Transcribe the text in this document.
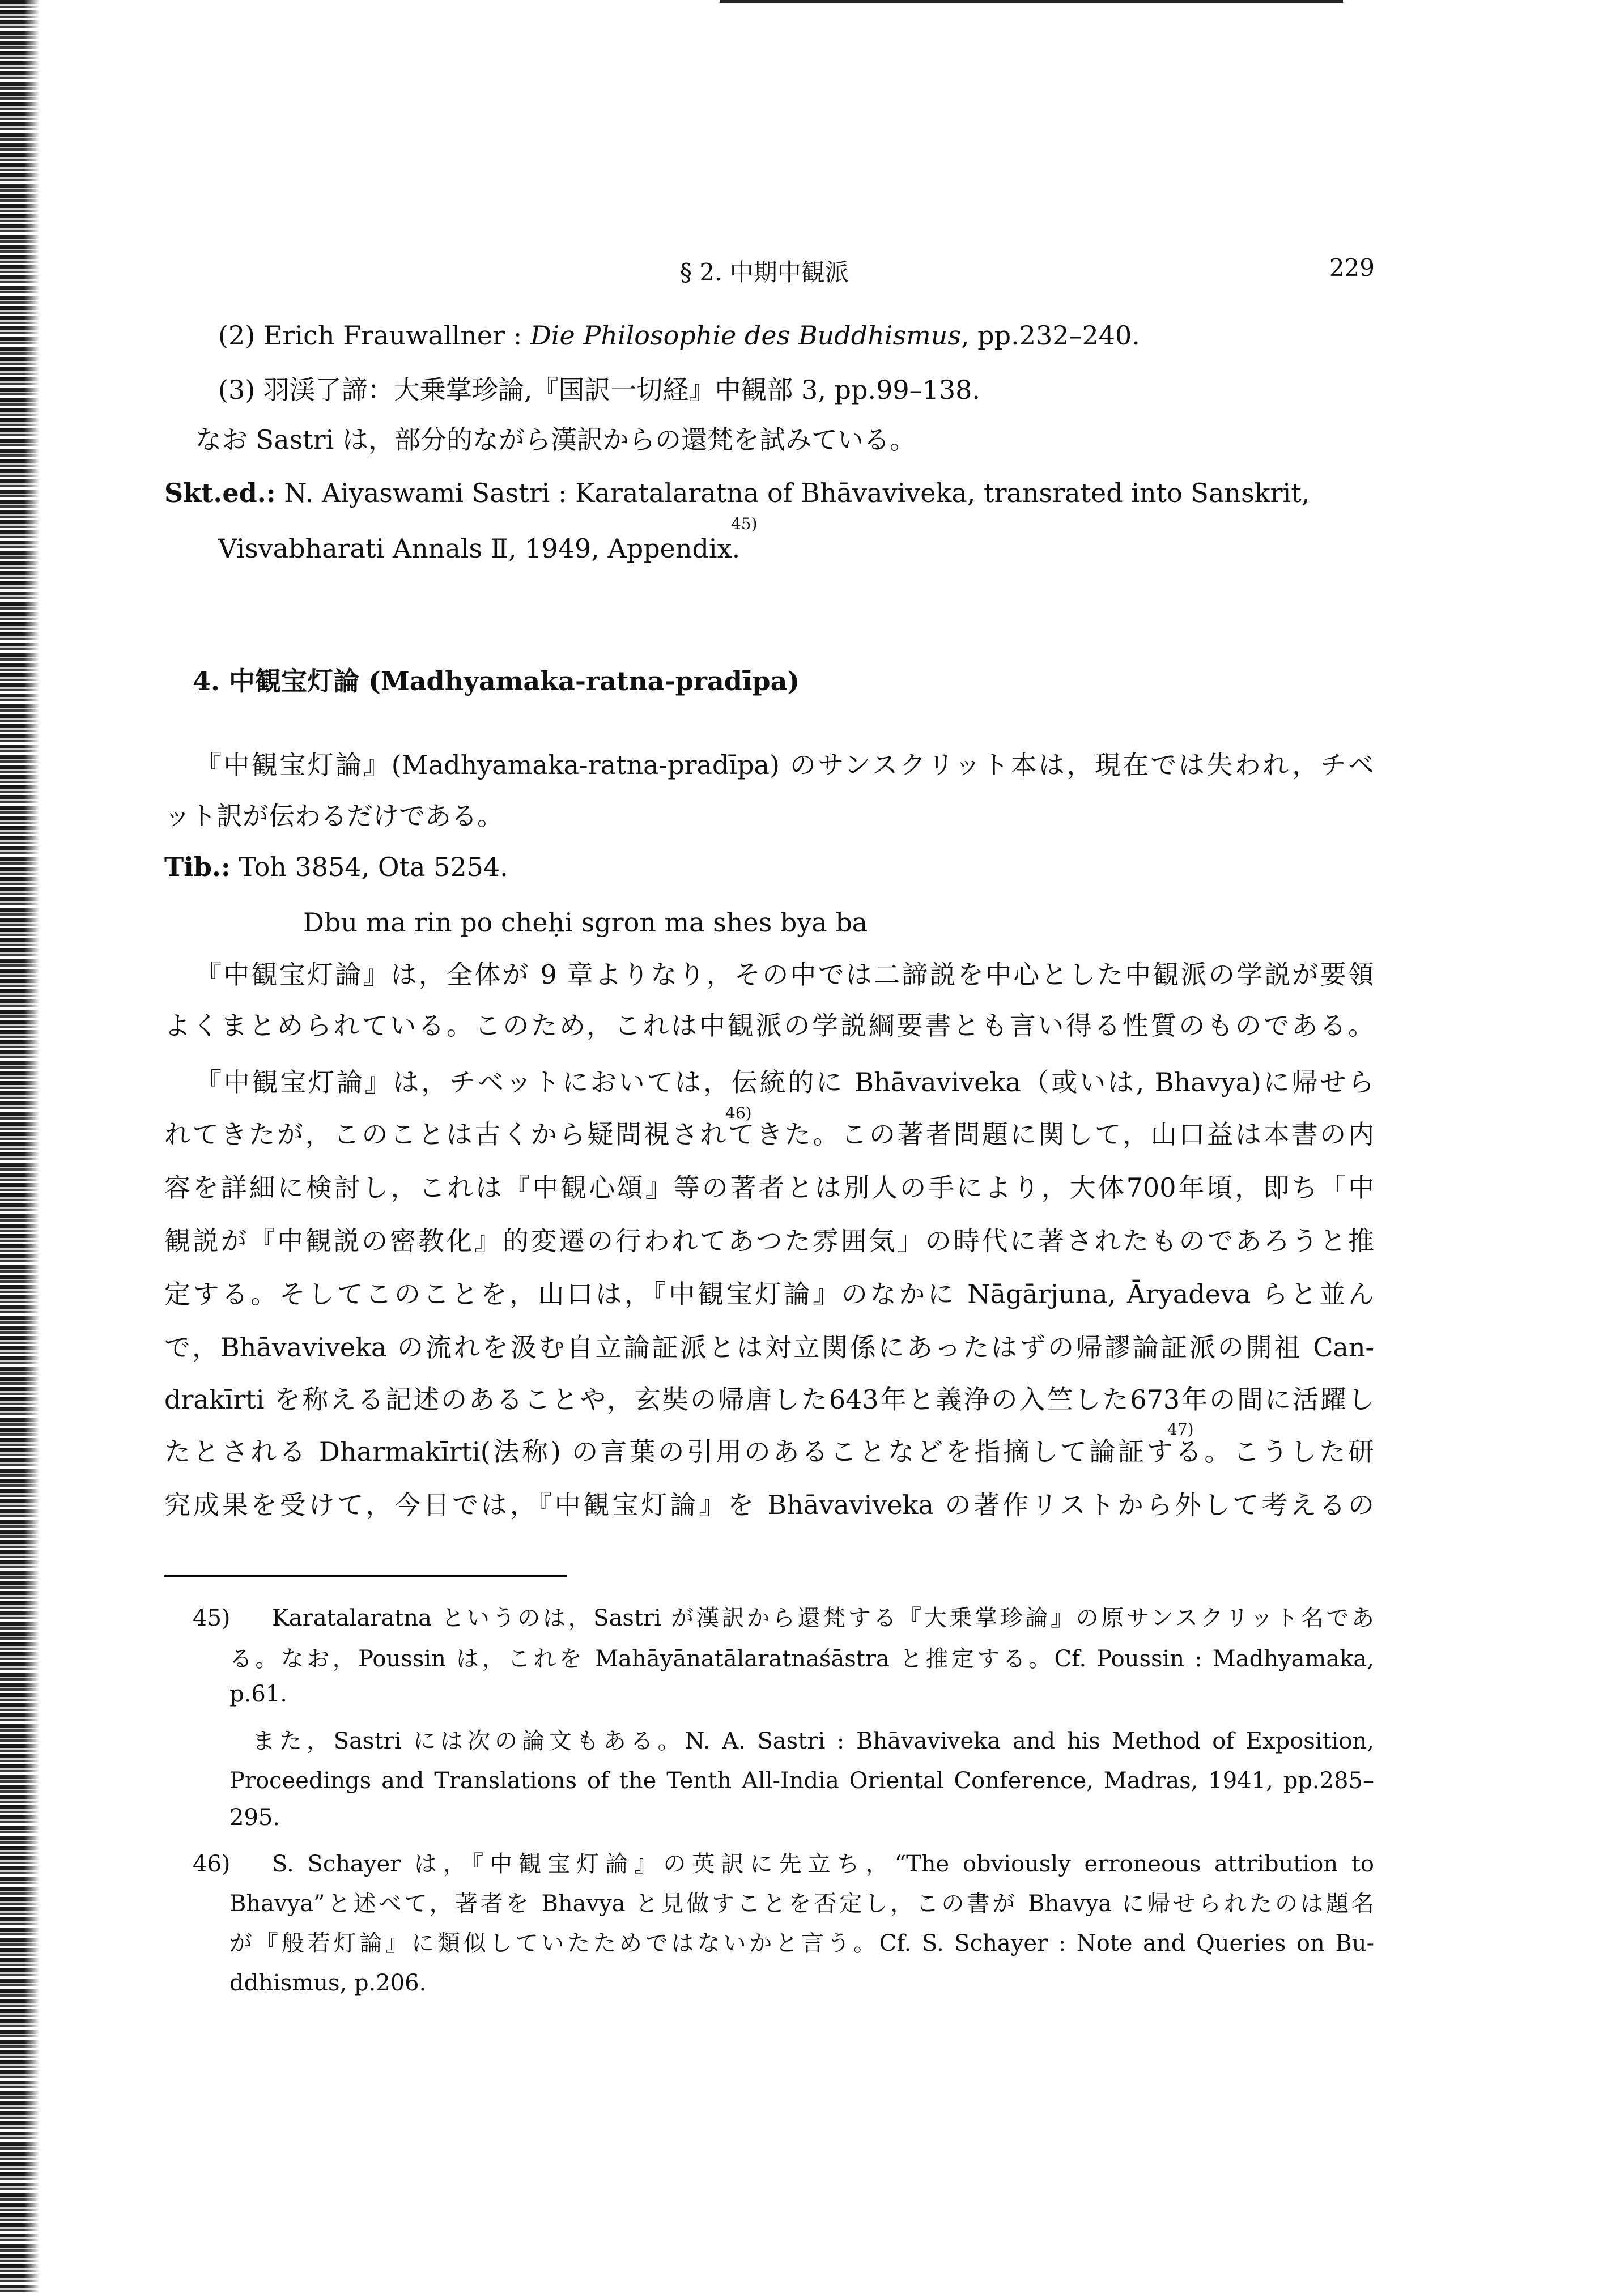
§ 2. 中期中観派	229
(2) Erich Frauwallner : Die Philosophie des Buddhismus, pp.232–240.
(3) 羽渓了諦：大乗掌珍論,『国訳一切経』中観部 3, pp.99–138.
なお Sastri は，部分的ながら漢訳からの還梵を試みている。
Skt.ed.: N. Aiyaswami Sastri : Karatalaratna of Bhāvaviveka, transrated into Sanskrit,
45)
Visvabharati Annals Ⅱ, 1949, Appendix.
4. 中観宝灯論 (Madhyamaka-ratna-pradīpa)
『中観宝灯論』(Madhyamaka-ratna-pradīpa) のサンスクリット本は，現在では失われ，チベ
ット訳が伝わるだけである。
Tib.: Toh 3854, Ota 5254.
Dbu ma rin po cheḥi sgron ma shes bya ba
『中観宝灯論』は，全体が 9 章よりなり，その中では二諦説を中心とした中観派の学説が要領
よくまとめられている。このため，これは中観派の学説綱要書とも言い得る性質のものである。
『中観宝灯論』は，チベットにおいては，伝統的に Bhāvaviveka（或いは, Bhavya)に帰せら
46)
れてきたが，このことは古くから疑問視されてきた。この著者問題に関して，山口益は本書の内
容を詳細に検討し，これは『中観心頌』等の著者とは別人の手により，大体700年頃，即ち「中
観説が『中観説の密教化』的変遷の行われてあつた雰囲気」の時代に著されたものであろうと推
定する。そしてこのことを，山口は，『中観宝灯論』のなかに Nāgārjuna, Āryadeva らと並ん
で，Bhāvaviveka の流れを汲む自立論証派とは対立関係にあったはずの帰謬論証派の開祖 Can-
drakīrti を称える記述のあることや，玄奘の帰唐した643年と義浄の入竺した673年の間に活躍し
47)
たとされる Dharmakīrti(法称) の言葉の引用のあることなどを指摘して論証する。こうした研
究成果を受けて，今日では，『中観宝灯論』を Bhāvaviveka の著作リストから外して考えるの
45) Karatalaratna というのは，Sastri が漢訳から還梵する『大乗掌珍論』の原サンスクリット名であ
る。なお，Poussin は，これを Mahāyānatālaratnaśāstra と推定する。Cf. Poussin : Madhyamaka,
p.61.
また，Sastri には次の論文もある。N. A. Sastri : Bhāvaviveka and his Method of Exposition,
Proceedings and Translations of the Tenth All-India Oriental Conference, Madras, 1941, pp.285–
295.
46) S. Schayer は，『中観宝灯論』の英訳に先立ち，“The obviously erroneous attribution to
Bhavya”と述べて，著者を Bhavya と見做すことを否定し，この書が Bhavya に帰せられたのは題名
が『般若灯論』に類似していたためではないかと言う。Cf. S. Schayer : Note and Queries on Bu-
ddhismus, p.206.
